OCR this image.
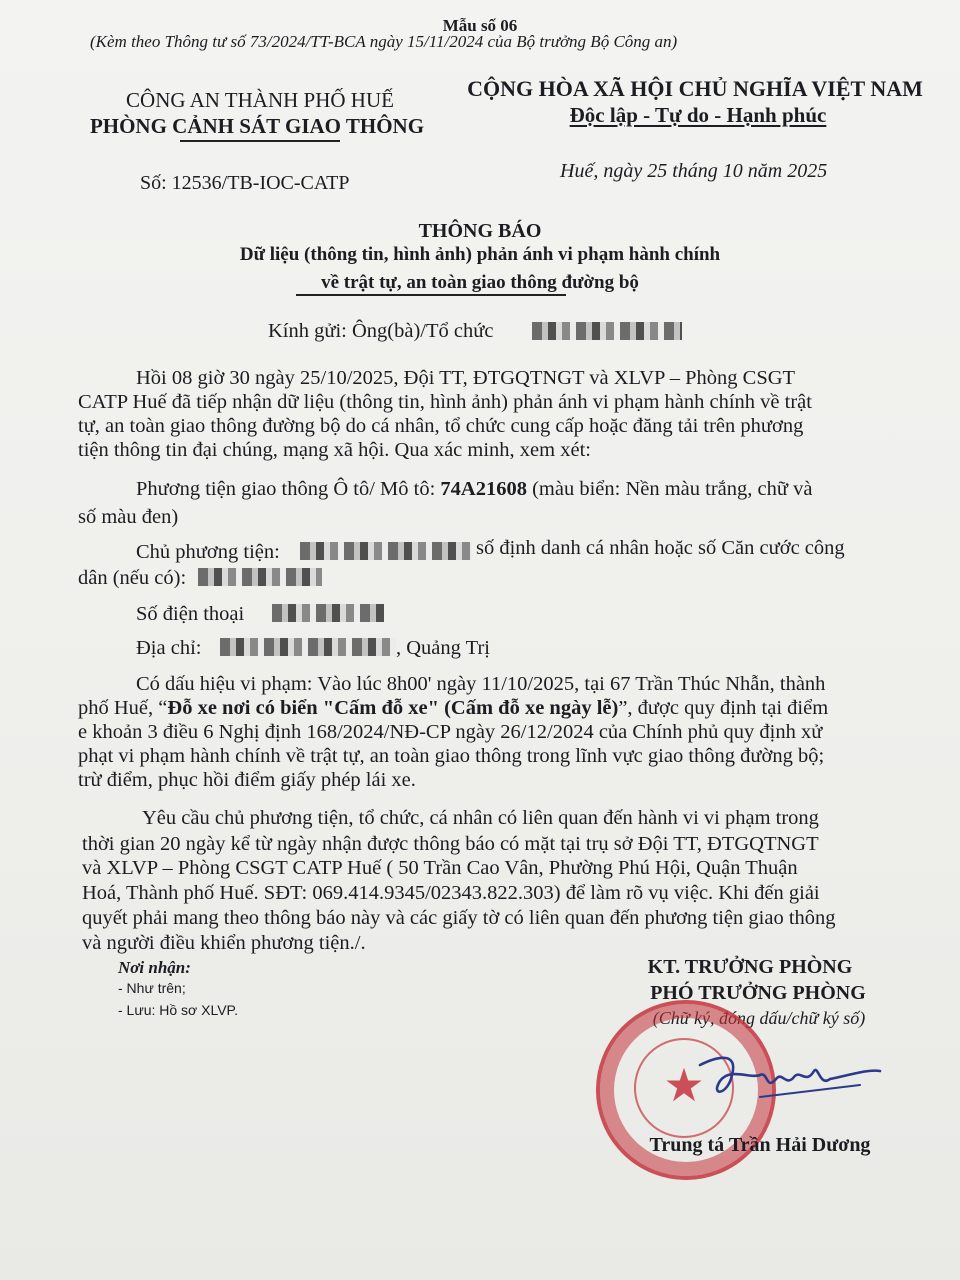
Mẫu số 06
(Kèm theo Thông tư số 73/2024/TT-BCA ngày 15/11/2024 của Bộ trưởng Bộ Công an)
CÔNG AN THÀNH PHỐ HUẾ
PHÒNG CẢNH SÁT GIAO THÔNG
Số: 12536/TB-IOC-CATP
CỘNG HÒA XÃ HỘI CHỦ NGHĨA VIỆT NAM
Độc lập - Tự do - Hạnh phúc
Huế, ngày 25 tháng 10 năm 2025
THÔNG BÁO
Dữ liệu (thông tin, hình ảnh) phản ánh vi phạm hành chính
về trật tự, an toàn giao thông đường bộ
Kính gửi: Ông(bà)/Tổ chức
Hồi 08 giờ 30 ngày 25/10/2025, Đội TT, ĐTGQTNGT và XLVP – Phòng CSGT
CATP Huế đã tiếp nhận dữ liệu (thông tin, hình ảnh) phản ánh vi phạm hành chính về trật
tự, an toàn giao thông đường bộ do cá nhân, tổ chức cung cấp hoặc đăng tải trên phương
tiện thông tin đại chúng, mạng xã hội. Qua xác minh, xem xét:
Phương tiện giao thông Ô tô/ Mô tô: 74A21608 (màu biển: Nền màu trắng, chữ và
số màu đen)
Chủ phương tiện:	số định danh cá nhân hoặc số Căn cước công
dân (nếu có):
Số điện thoại
Địa chỉ:	, Quảng Trị
Có dấu hiệu vi phạm: Vào lúc 8h00' ngày 11/10/2025, tại 67 Trần Thúc Nhẫn, thành
phố Huế, “Đỗ xe nơi có biển "Cấm đỗ xe" (Cấm đỗ xe ngày lễ)”, được quy định tại điểm
e khoản 3 điều 6 Nghị định 168/2024/NĐ-CP ngày 26/12/2024 của Chính phủ quy định xử
phạt vi phạm hành chính về trật tự, an toàn giao thông trong lĩnh vực giao thông đường bộ;
trừ điểm, phục hồi điểm giấy phép lái xe.
Yêu cầu chủ phương tiện, tổ chức, cá nhân có liên quan đến hành vi vi phạm trong
thời gian 20 ngày kể từ ngày nhận được thông báo có mặt tại trụ sở Đội TT, ĐTGQTNGT
và XLVP – Phòng CSGT CATP Huế ( 50 Trần Cao Vân, Phường Phú Hội, Quận Thuận
Hoá, Thành phố Huế. SĐT: 069.414.9345/02343.822.303) để làm rõ vụ việc. Khi đến giải
quyết phải mang theo thông báo này và các giấy tờ có liên quan đến phương tiện giao thông
và người điều khiển phương tiện./.
Nơi nhận:
- Như trên;
- Lưu: Hồ sơ XLVP.
KT. TRƯỞNG PHÒNG
PHÓ TRƯỞNG PHÒNG
(Chữ ký, đóng dấu/chữ ký số)
★
Trung tá Trần Hải Dương
